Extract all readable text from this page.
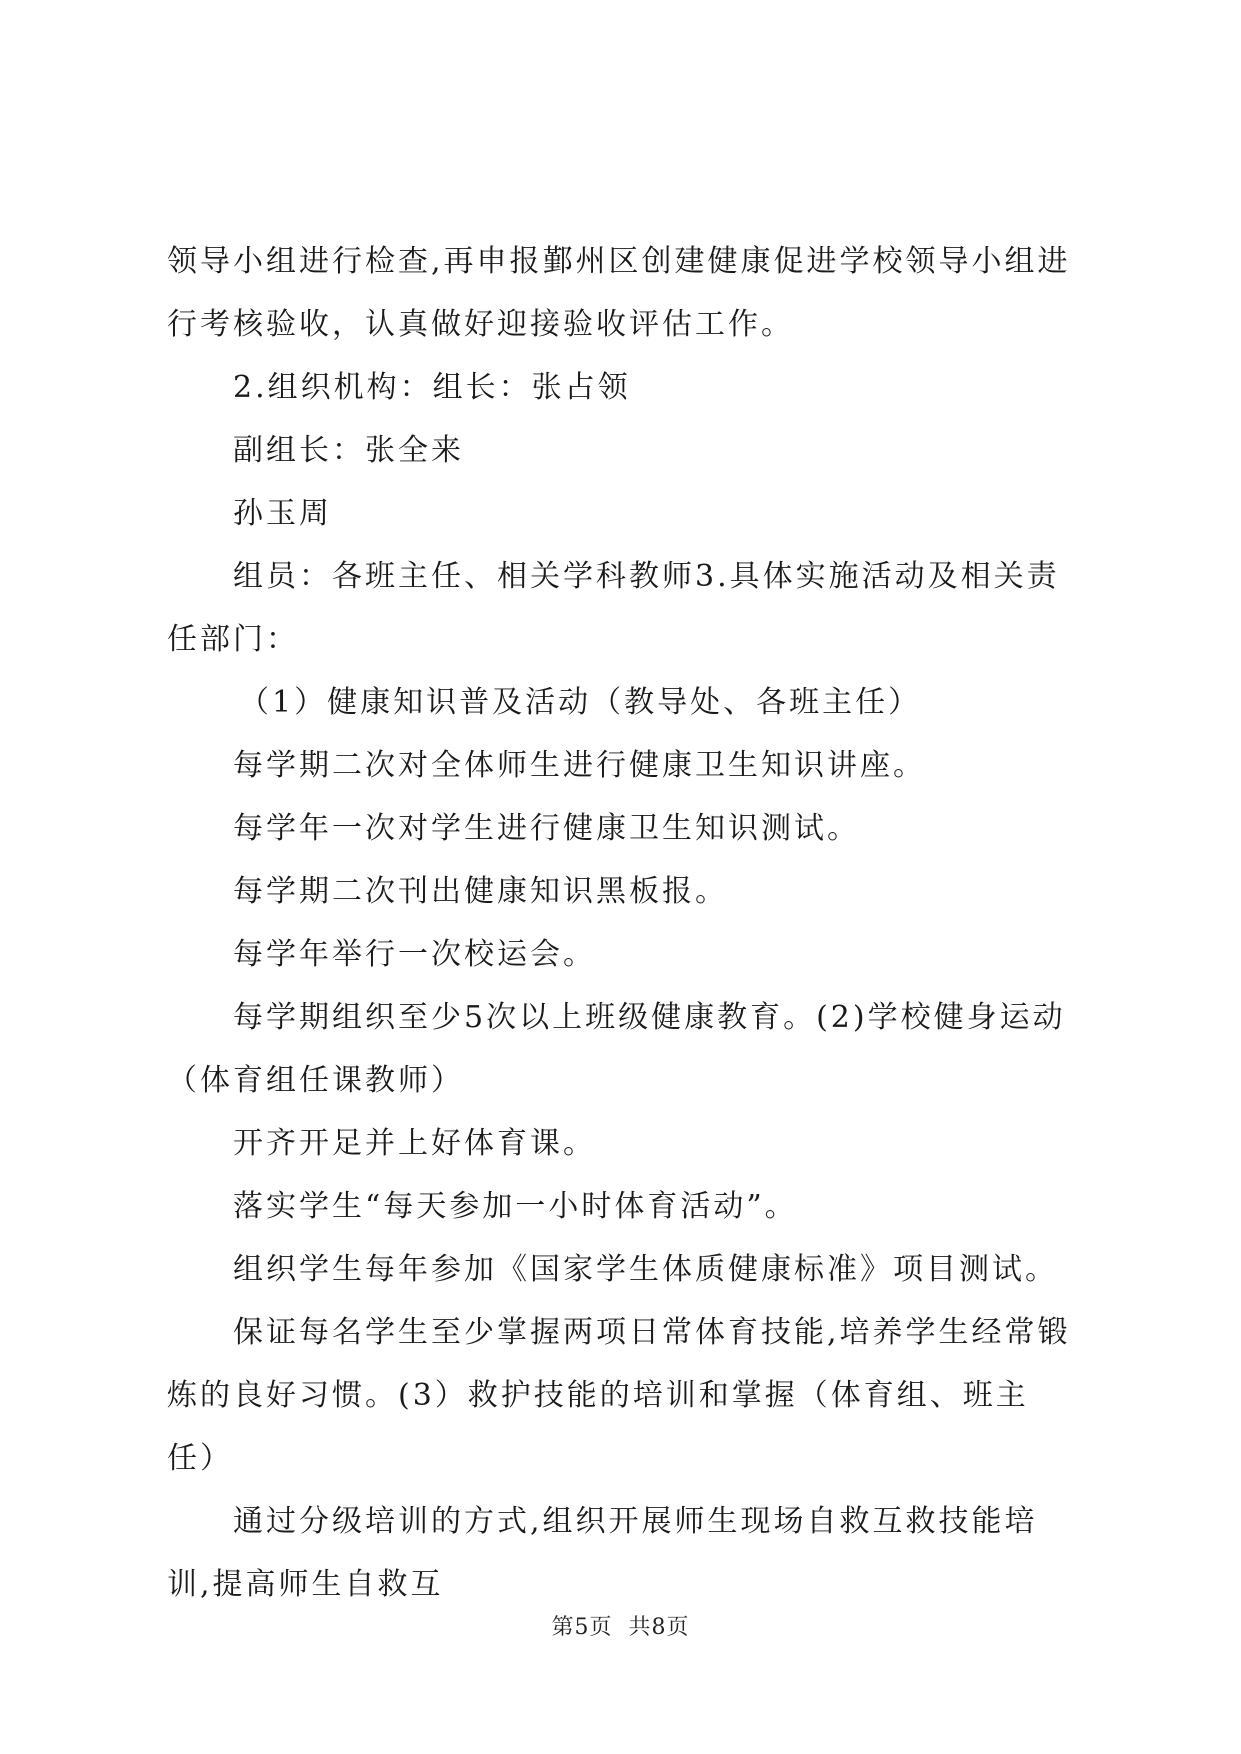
领导小组进行检查,再申报鄞州区创建健康促进学校领导小组进行考核验收，认真做好迎接验收评估工作。

2.组织机构：组长：张占领

副组长：张全来

孙玉周

组员：各班主任、相关学科教师3.具体实施活动及相关责任部门：

（1）健康知识普及活动（教导处、各班主任）

每学期二次对全体师生进行健康卫生知识讲座。

每学年一次对学生进行健康卫生知识测试。

每学期二次刊出健康知识黑板报。

每学年举行一次校运会。

每学期组织至少5次以上班级健康教育。(2)学校健身运动（体育组任课教师）

开齐开足并上好体育课。

落实学生“每天参加一小时体育活动”。

组织学生每年参加《国家学生体质健康标准》项目测试。

保证每名学生至少掌握两项日常体育技能,培养学生经常锻炼的良好习惯。(3）救护技能的培训和掌握（体育组、班主任）

通过分级培训的方式,组织开展师生现场自救互救技能培训,提高师生自救互

第5页 共8页
